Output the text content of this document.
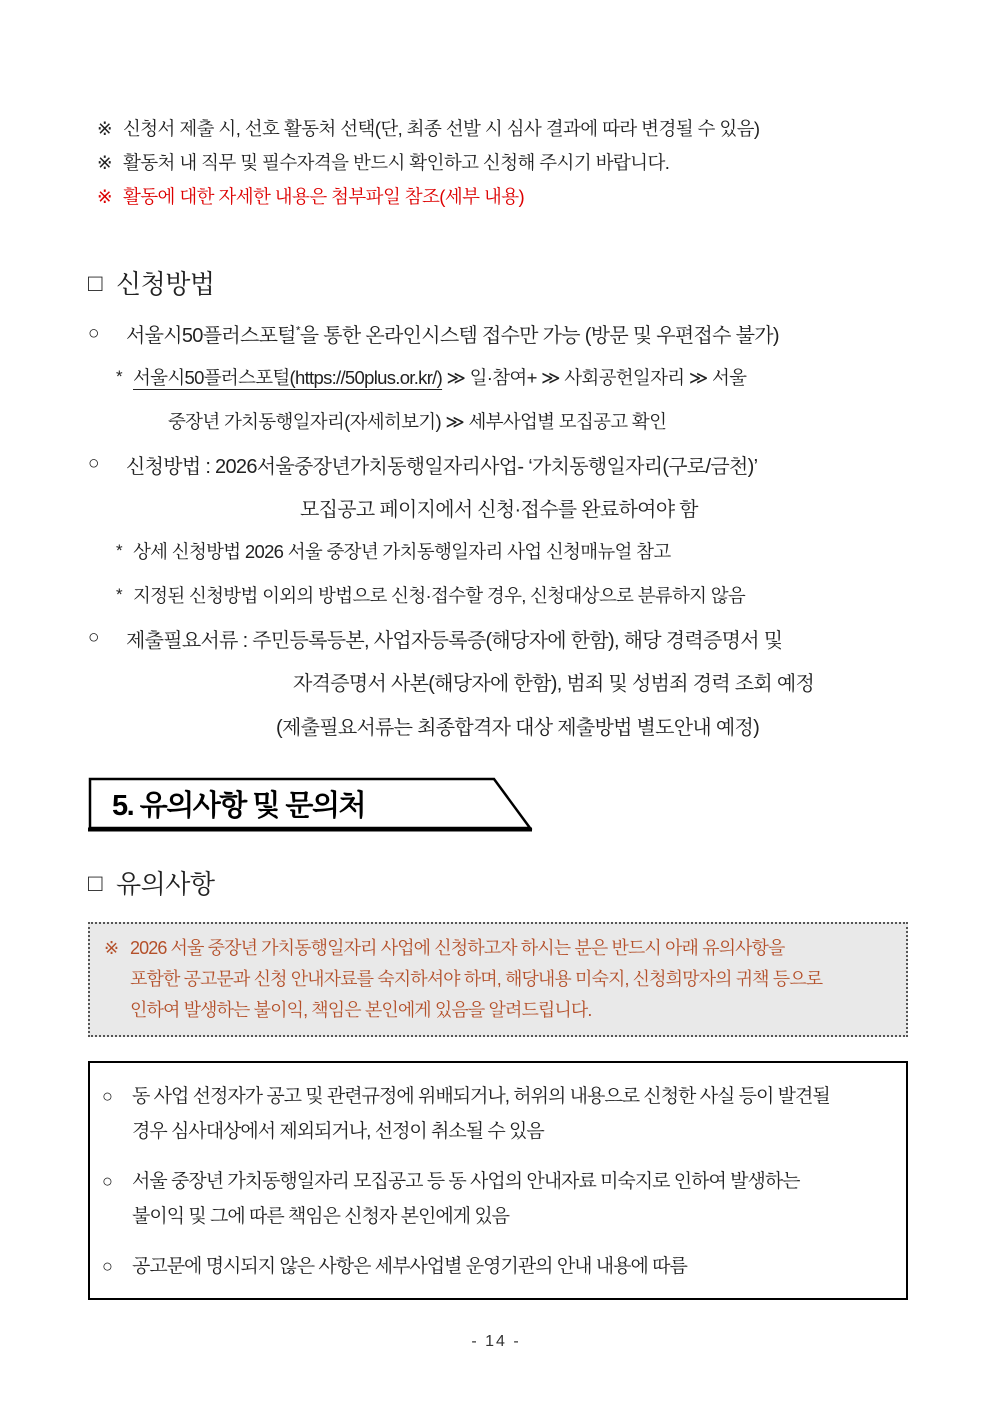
※ 신청서 제출 시, 선호 활동처 선택(단, 최종 선발 시 심사 결과에 따라 변경될 수 있음)
※ 활동처 내 직무 및 필수자격을 반드시 확인하고 신청해 주시기 바랍니다.
※ 활동에 대한 자세한 내용은 첨부파일 참조(세부 내용)
□ 신청방법
○	서울시50플러스포털*을 통한 온라인시스템 접수만 가능 (방문 및 우편접수 불가)
* 서울시50플러스포털(https://50plus.or.kr/) ≫ 일·참여+ ≫ 사회공헌일자리 ≫ 서울
중장년 가치동행일자리(자세히보기) ≫ 세부사업별 모집공고 확인
○	신청방법 : 2026서울중장년가치동행일자리사업- ‘가치동행일자리(구로/금천)’
모집공고 페이지에서 신청·접수를 완료하여야 함
* 상세 신청방법 2026 서울 중장년 가치동행일자리 사업 신청매뉴얼 참고
* 지정된 신청방법 이외의 방법으로 신청·접수할 경우, 신청대상으로 분류하지 않음
○	제출필요서류 : 주민등록등본, 사업자등록증(해당자에 한함), 해당 경력증명서 및
자격증명서 사본(해당자에 한함), 범죄 및 성범죄 경력 조회 예정
(제출필요서류는 최종합격자 대상 제출방법 별도안내 예정)
5. 유의사항 및 문의처
□ 유의사항
※ 2026 서울 중장년 가치동행일자리 사업에 신청하고자 하시는 분은 반드시 아래 유의사항을
포함한 공고문과 신청 안내자료를 숙지하셔야 하며, 해당내용 미숙지, 신청희망자의 귀책 등으로
인하여 발생하는 불이익, 책임은 본인에게 있음을 알려드립니다.
○	동 사업 선정자가 공고 및 관련규정에 위배되거나, 허위의 내용으로 신청한 사실 등이 발견될
경우 심사대상에서 제외되거나, 선정이 취소될 수 있음
○	서울 중장년 가치동행일자리 모집공고 등 동 사업의 안내자료 미숙지로 인하여 발생하는
불이익 및 그에 따른 책임은 신청자 본인에게 있음
○	공고문에 명시되지 않은 사항은 세부사업별 운영기관의 안내 내용에 따름
- 14 -
